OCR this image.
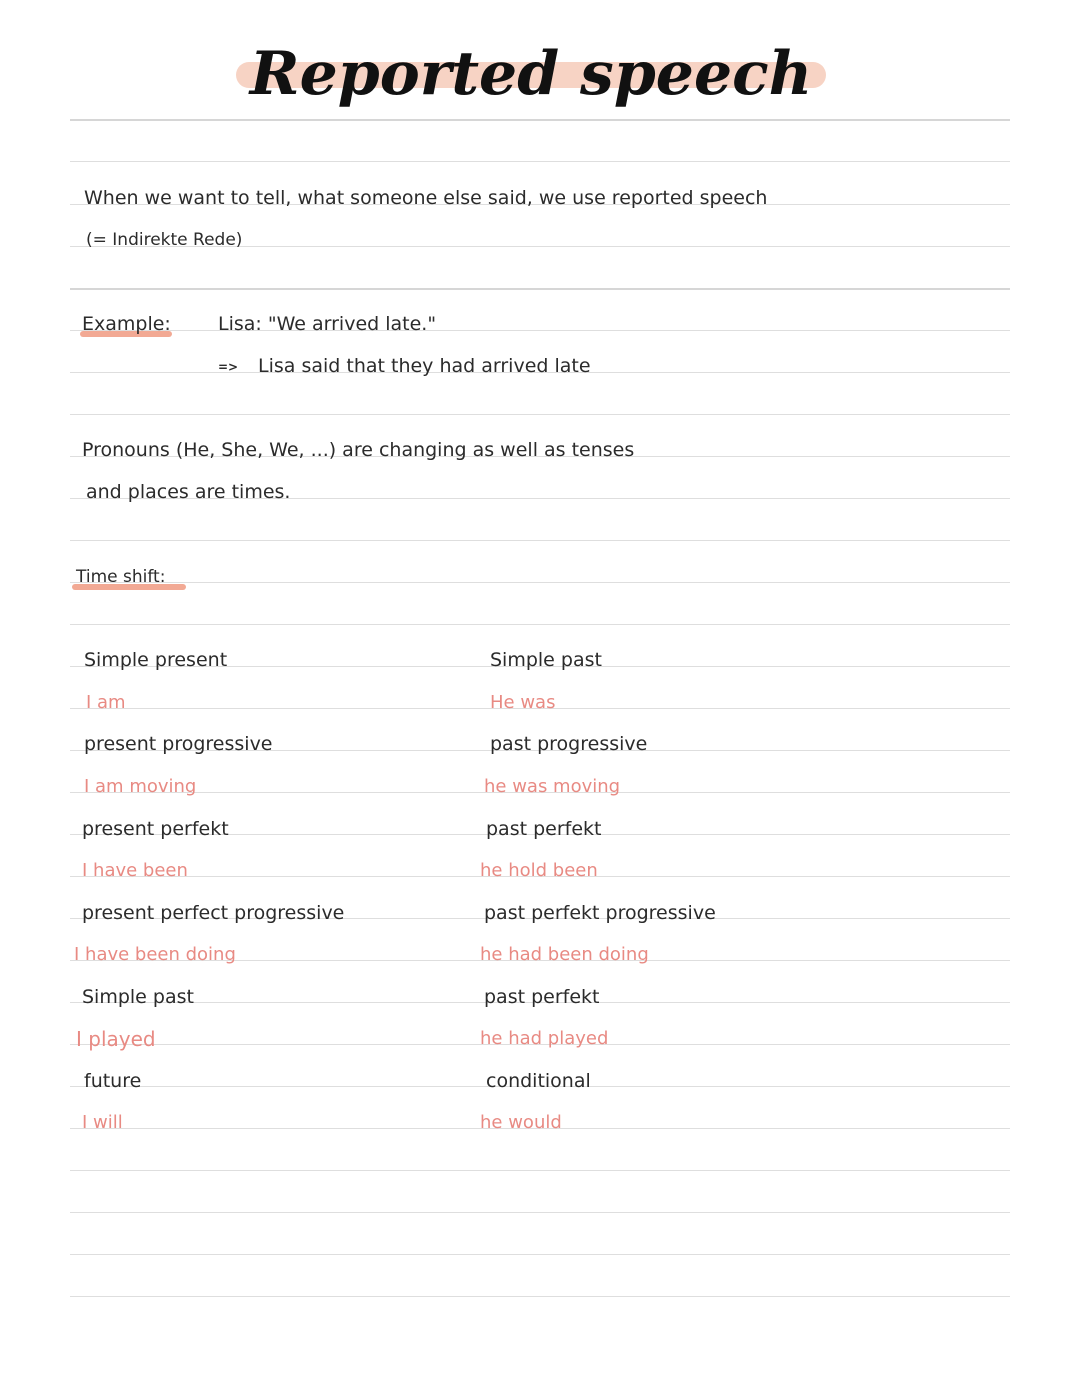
Reported speech
When we want to tell, what someone else said, we use reported speech
(= Indirekte Rede)
Example: Lisa: "We arrived late."
=> Lisa said that they had arrived late
Pronouns (He, She, We, ...) are changing as well as tenses
and places are times.
Time shift:
Simple present	Simple past
I am	He was
present progressive	past progressive
I am moving	he was moving
present perfekt	past perfekt
I have been	he hold been
present perfect progressive	past perfekt progressive
I have been doing	he had been doing
Simple past	past perfekt
I played	he had played
future	conditional
I will	he would
